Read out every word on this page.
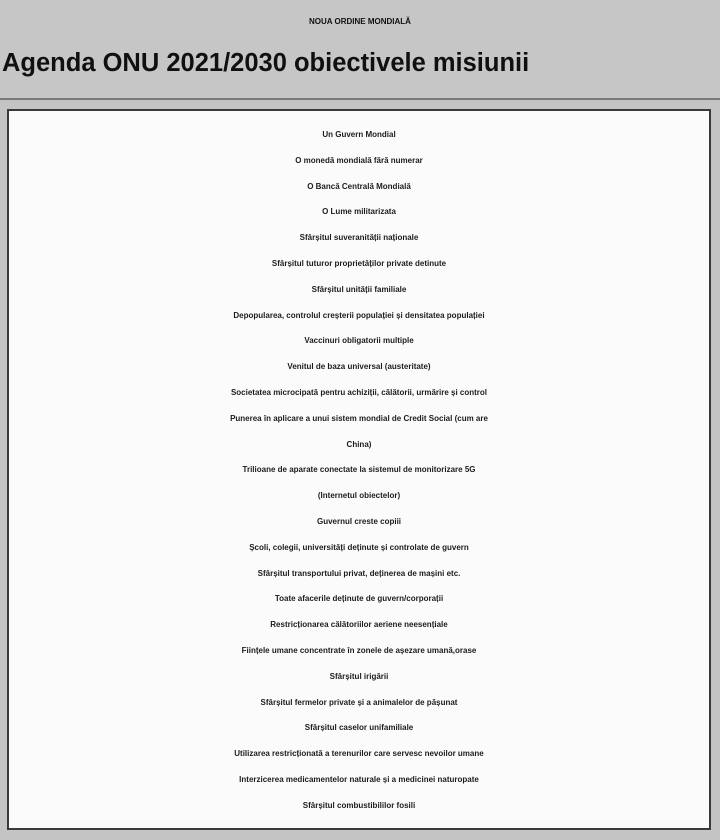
NOUA ORDINE MONDIALĂ
Agenda ONU 2021/2030 obiectivele misiunii
Un Guvern Mondial
O monedă mondială fără numerar
O Bancă Centrală Mondială
O Lume militarizata
Sfârșitul suveranității naționale
Sfârșitul tuturor proprietăților private detinute
Sfârșitul unității familiale
Depopularea, controlul creșterii populației și densitatea populației
Vaccinuri obligatorii multiple
Venitul de baza universal (austeritate)
Societatea microcipată pentru achiziții, călătorii, urmărire și control
Punerea în aplicare a unui sistem mondial de Credit Social (cum are
China)
Trilioane de aparate conectate la sistemul de monitorizare 5G
(Internetul obiectelor)
Guvernul creste copiii
Școli, colegii, universități deținute și controlate de guvern
Sfârșitul transportului privat, deținerea de mașini etc.
Toate afacerile deținute de guvern/corporații
Restricționarea călătoriilor aeriene neesențiale
Ființele umane concentrate în zonele de așezare umană,orase
Sfârșitul irigării
Sfârșitul fermelor private și a animalelor de pășunat
Sfârșitul caselor unifamiliale
Utilizarea restricționată a terenurilor care servesc nevoilor umane
Interzicerea medicamentelor naturale și a medicinei naturopate
Sfârșitul combustibililor fosili
